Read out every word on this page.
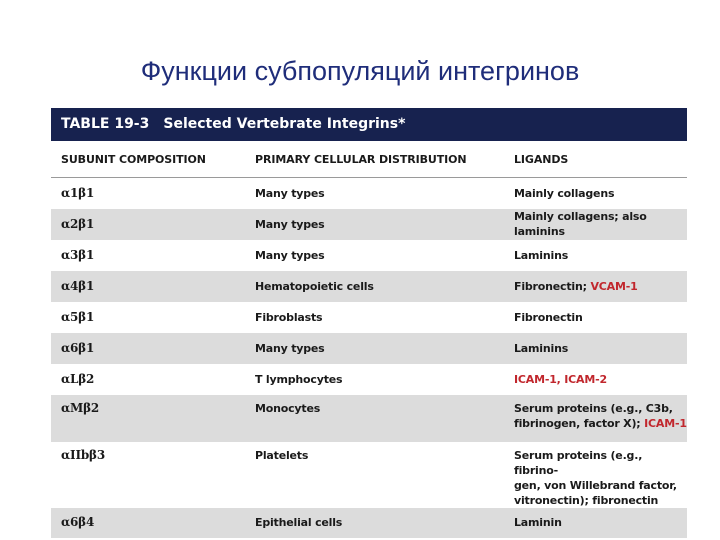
Функции субпопуляций интегринов
TABLE 19-3 Selected Vertebrate Integrins*
SUBUNIT COMPOSITION	PRIMARY CELLULAR DISTRIBUTION	LIGANDS
α1β1	Many types	Mainly collagens
α2β1	Many types	Mainly collagens; also laminins
α3β1	Many types	Laminins
α4β1	Hematopoietic cells	Fibronectin; VCAM-1
α5β1	Fibroblasts	Fibronectin
α6β1	Many types	Laminins
αLβ2	T lymphocytes	ICAM-1, ICAM-2
αMβ2	Monocytes	Serum proteins (e.g., C3b,
fibrinogen, factor X); ICAM-1
αIIbβ3	Platelets	Serum proteins (e.g., fibrino-
gen, von Willebrand factor,
vitronectin); fibronectin
α6β4	Epithelial cells	Laminin
